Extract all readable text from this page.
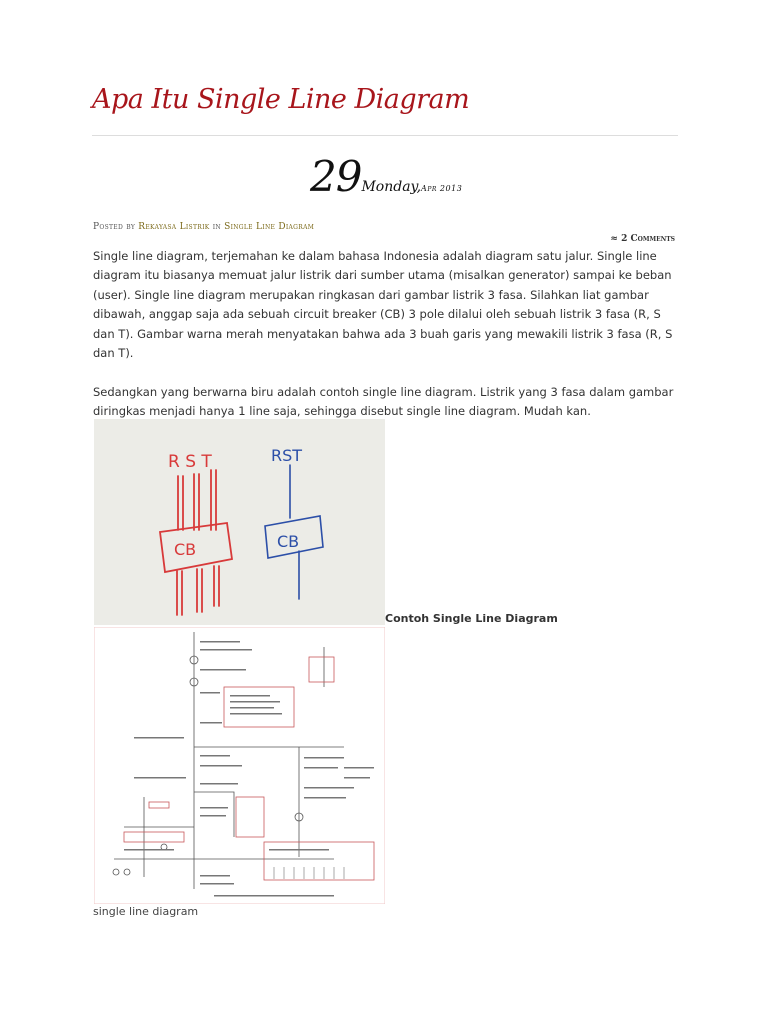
Apa Itu Single Line Diagram
29Monday,Apr 2013
Posted by Rekayasa Listrik in Single Line Diagram
≈ 2 Comments

Single line diagram, terjemahan ke dalam bahasa Indonesia adalah diagram satu jalur. Single line diagram itu biasanya memuat jalur listrik dari sumber utama (misalkan generator) sampai ke beban (user). Single line diagram merupakan ringkasan dari gambar listrik 3 fasa. Silahkan liat gambar dibawah, anggap saja ada sebuah circuit breaker (CB) 3 pole dilalui oleh sebuah listrik 3 fasa (R, S dan T). Gambar warna merah menyatakan bahwa ada 3 buah garis yang mewakili listrik 3 fasa (R, S dan T).

Sedangkan yang berwarna biru adalah contoh single line diagram. Listrik yang 3 fasa dalam gambar diringkas menjadi hanya 1 line saja, sehingga disebut single line diagram. Mudah kan.

R S T
CB
RST
CB
Contoh Single Line Diagram
single line diagram
